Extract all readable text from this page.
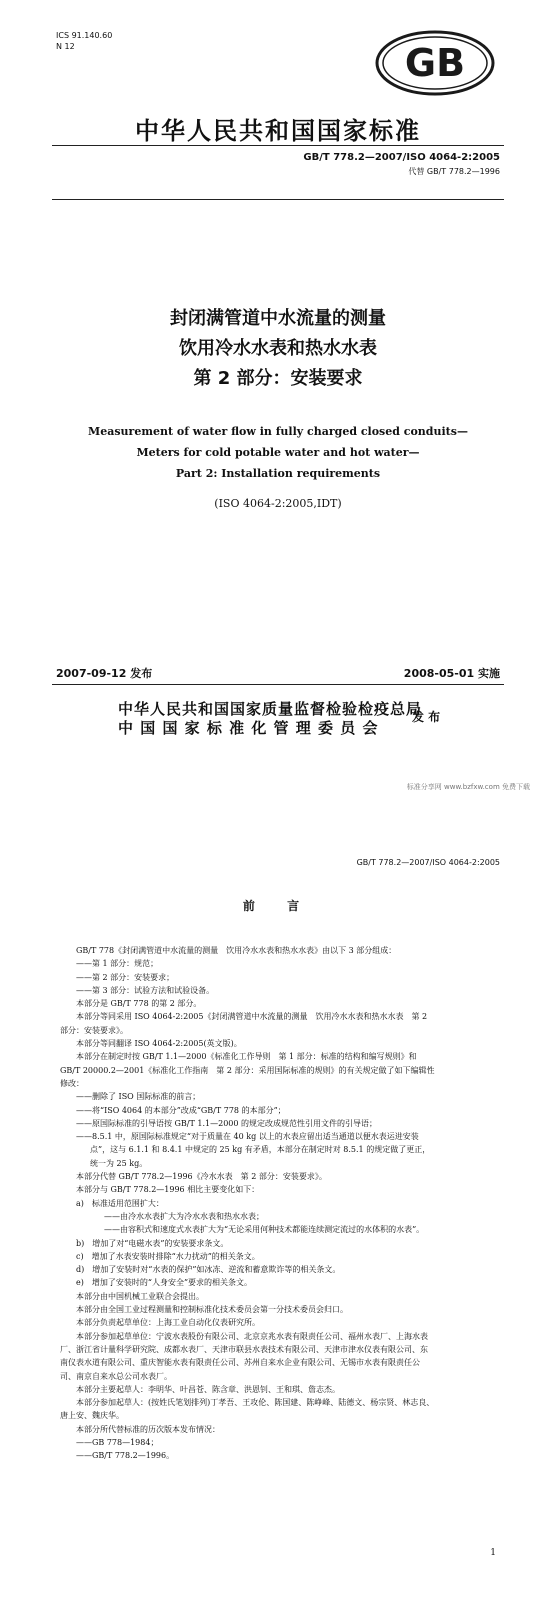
ICS 91.140.60
N 12	GB
中华人民共和国国家标准
GB/T 778.2—2007/ISO 4064-2:2005
代替 GB/T 778.2—1996
封闭满管道中水流量的测量
饮用冷水水表和热水水表
第 2 部分：安装要求
Measurement of water flow in fully charged closed conduits—
Meters for cold potable water and hot water—
Part 2: Installation requirements
(ISO 4064-2:2005,IDT)
2007-09-12 发布	2008-05-01 实施
中华人民共和国国家质量监督检验检疫总局
中 国 国 家 标 准 化 管 理 委 员 会
发 布
标准分享网 www.bzfxw.com 免费下载
GB/T 778.2—2007/ISO 4064-2:2005
前 言

GB/T 778《封闭满管道中水流量的测量　饮用冷水水表和热水水表》由以下 3 部分组成：

——第 1 部分：规范；

——第 2 部分：安装要求；

——第 3 部分：试验方法和试验设备。

本部分是 GB/T 778 的第 2 部分。

本部分等同采用 ISO 4064-2:2005《封闭满管道中水流量的测量　饮用冷水水表和热水水表　第 2

部分：安装要求》。

本部分等同翻译 ISO 4064-2:2005(英文版)。

本部分在制定时按 GB/T 1.1—2000《标准化工作导则　第 1 部分：标准的结构和编写规则》和

GB/T 20000.2—2001《标准化工作指南　第 2 部分：采用国际标准的规则》的有关规定做了如下编辑性

修改：

——删除了 ISO 国际标准的前言；

——将“ISO 4064 的本部分”改成“GB/T 778 的本部分”；

——原国际标准的引导语按 GB/T 1.1—2000 的规定改成规范性引用文件的引导语；

——8.5.1 中，原国际标准规定“对于质量在 40 kg 以上的水表应留出适当通道以便水表运进安装

点”，这与 6.1.1 和 8.4.1 中规定的 25 kg 有矛盾，本部分在制定时对 8.5.1 的规定做了更正，

统一为 25 kg。

本部分代替 GB/T 778.2—1996《冷水水表　第 2 部分：安装要求》。

本部分与 GB/T 778.2—1996 相比主要变化如下：

a)　标准适用范围扩大：

——由冷水水表扩大为冷水水表和热水水表；

——由容积式和速度式水表扩大为“无论采用何种技术都能连续测定流过的水体积的水表”。

b)　增加了对“电磁水表”的安装要求条文。

c)　增加了水表安装时排除“水力扰动”的相关条文。

d)　增加了安装时对“水表的保护”如冰冻、逆流和蓄意欺诈等的相关条文。

e)　增加了安装时的“人身安全”要求的相关条文。

本部分由中国机械工业联合会提出。

本部分由全国工业过程测量和控制标准化技术委员会第一分技术委员会归口。

本部分负责起草单位：上海工业自动化仪表研究所。

本部分参加起草单位：宁波水表股份有限公司、北京京兆水表有限责任公司、福州水表厂、上海水表

厂、浙江省计量科学研究院、成都水表厂、天津市联县水表技术有限公司、天津市津水仪表有限公司、东

南仪表水道有限公司、重庆智能水表有限责任公司、苏州自来水企业有限公司、无锡市水表有限责任公

司、南京自来水总公司水表厂。

本部分主要起草人：李明华、叶昌苍、陈含章、洪恩钊、王和琪、詹志杰。

本部分参加起草人：(按姓氏笔划排列)丁孝吾、王攻伦、陈国建、陈峥峰、陆德文、杨宗贤、林志良、

唐上安、魏庆华。

本部分所代替标准的历次版本发布情况：

——GB 778—1984；

——GB/T 778.2—1996。

1
